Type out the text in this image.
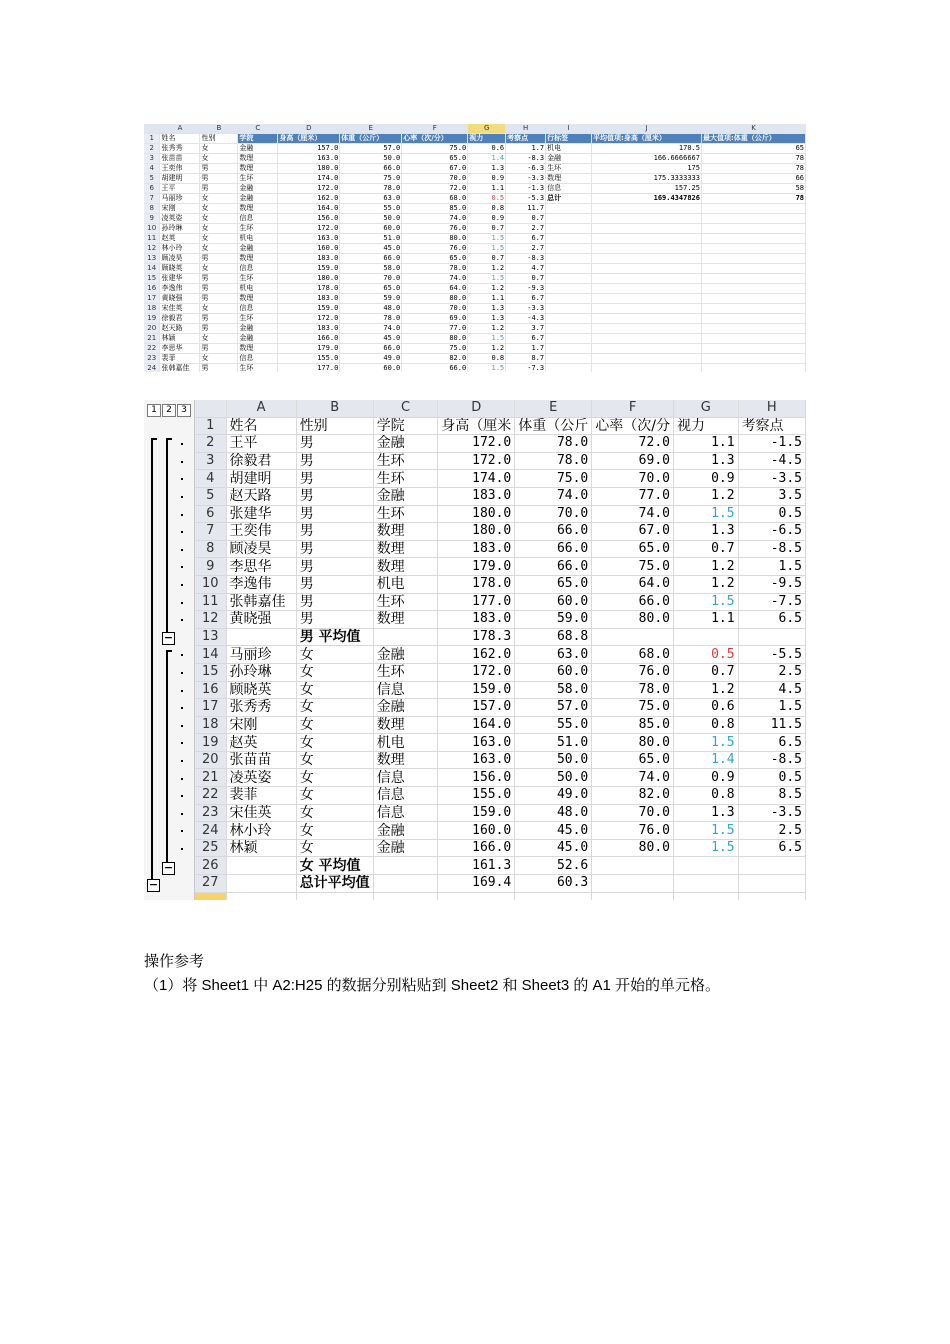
	A	B	C	D	E	F	G	H	I	J	K
1	姓名	性别	学院	身高（厘米）	体重（公斤）	心率（次/分）	视力	考察点	行标签	平均值项:身高（厘米）	最大值项:体重（公斤）
2	张秀秀	女	金融	157.0	57.0	75.0	0.6	1.7	机电	170.5	65
3	张苗苗	女	数理	163.0	50.0	65.0	1.4	-8.3	金融	166.6666667	78
4	王奕伟	男	数理	180.0	66.0	67.0	1.3	-6.3	生环	175	78
5	胡建明	男	生环	174.0	75.0	70.0	0.9	-3.3	数理	175.3333333	66
6	王平	男	金融	172.0	78.0	72.0	1.1	-1.3	信息	157.25	58
7	马丽珍	女	金融	162.0	63.0	68.0	0.5	-5.3	总计	169.4347826	78
8	宋刚	女	数理	164.0	55.0	85.0	0.8	11.7			
9	凌英姿	女	信息	156.0	50.0	74.0	0.9	0.7			
10	孙玲琳	女	生环	172.0	60.0	76.0	0.7	2.7			
11	赵英	女	机电	163.0	51.0	80.0	1.5	6.7			
12	林小玲	女	金融	160.0	45.0	76.0	1.5	2.7			
13	顾凌昊	男	数理	183.0	66.0	65.0	0.7	-8.3			
14	顾晓英	女	信息	159.0	58.0	78.0	1.2	4.7			
15	张建华	男	生环	180.0	70.0	74.0	1.5	0.7			
16	李逸伟	男	机电	178.0	65.0	64.0	1.2	-9.3			
17	黄晓强	男	数理	183.0	59.0	80.0	1.1	6.7			
18	宋佳英	女	信息	159.0	48.0	70.0	1.3	-3.3			
19	徐毅君	男	生环	172.0	78.0	69.0	1.3	-4.3			
20	赵天路	男	金融	183.0	74.0	77.0	1.2	3.7			
21	林颖	女	金融	166.0	45.0	80.0	1.5	6.7			
22	李思华	男	数理	179.0	66.0	75.0	1.2	1.7			
23	裴菲	女	信息	155.0	49.0	82.0	0.8	8.7			
24	张韩嘉佳	男	生环	177.0	60.0	66.0	1.5	-7.3			
1	2	3
−
−
−
	A	B	C	D	E	F	G	H
1	姓名	性别	学院	身高（厘米	体重（公斤	心率（次/分	视力	考察点
2	王平	男	金融	172.0	78.0	72.0	1.1	-1.5
3	徐毅君	男	生环	172.0	78.0	69.0	1.3	-4.5
4	胡建明	男	生环	174.0	75.0	70.0	0.9	-3.5
5	赵天路	男	金融	183.0	74.0	77.0	1.2	3.5
6	张建华	男	生环	180.0	70.0	74.0	1.5	0.5
7	王奕伟	男	数理	180.0	66.0	67.0	1.3	-6.5
8	顾凌昊	男	数理	183.0	66.0	65.0	0.7	-8.5
9	李思华	男	数理	179.0	66.0	75.0	1.2	1.5
10	李逸伟	男	机电	178.0	65.0	64.0	1.2	-9.5
11	张韩嘉佳	男	生环	177.0	60.0	66.0	1.5	-7.5
12	黄晓强	男	数理	183.0	59.0	80.0	1.1	6.5
13		男 平均值		178.3	68.8			
14	马丽珍	女	金融	162.0	63.0	68.0	0.5	-5.5
15	孙玲琳	女	生环	172.0	60.0	76.0	0.7	2.5
16	顾晓英	女	信息	159.0	58.0	78.0	1.2	4.5
17	张秀秀	女	金融	157.0	57.0	75.0	0.6	1.5
18	宋刚	女	数理	164.0	55.0	85.0	0.8	11.5
19	赵英	女	机电	163.0	51.0	80.0	1.5	6.5
20	张苗苗	女	数理	163.0	50.0	65.0	1.4	-8.5
21	凌英姿	女	信息	156.0	50.0	74.0	0.9	0.5
22	裴菲	女	信息	155.0	49.0	82.0	0.8	8.5
23	宋佳英	女	信息	159.0	48.0	70.0	1.3	-3.5
24	林小玲	女	金融	160.0	45.0	76.0	1.5	2.5
25	林颖	女	金融	166.0	45.0	80.0	1.5	6.5
26		女 平均值		161.3	52.6			
27		总计平均值		169.4	60.3			

操作参考
（1）将 Sheet1 中 A2:H25 的数据分别粘贴到 Sheet2 和 Sheet3 的 A1 开始的单元格。
